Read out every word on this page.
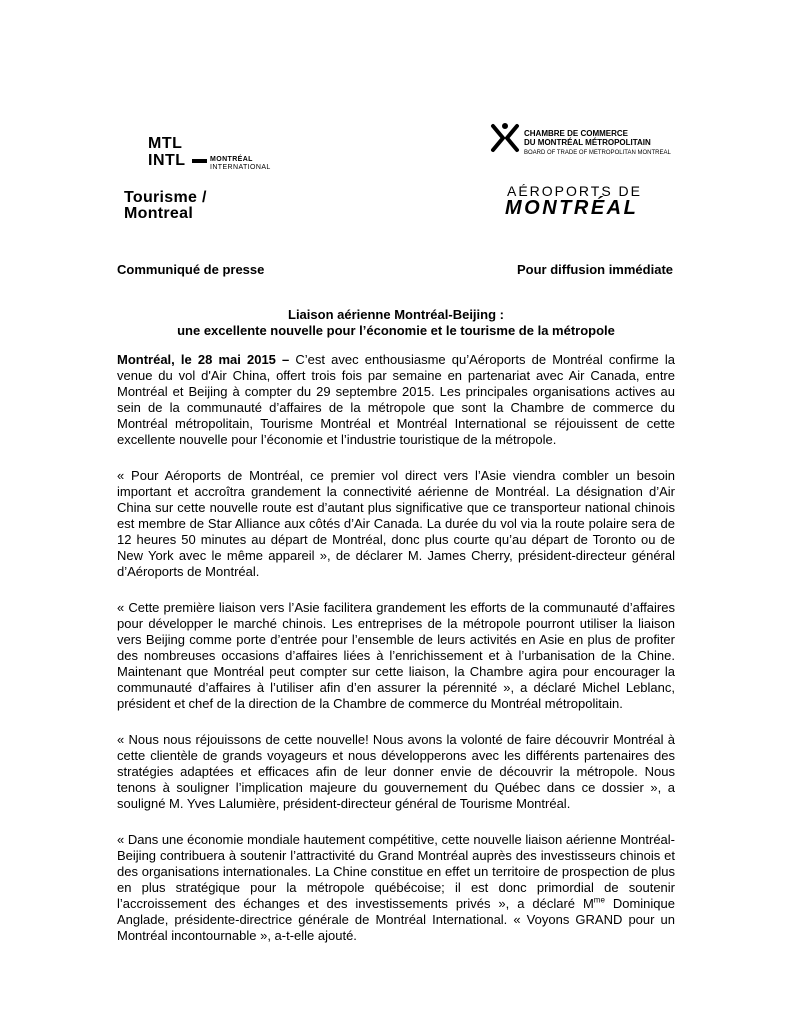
MTL
INTL	MONTRÉAL
INTERNATIONAL
Tourisme /
Montreal
CHAMBRE DE COMMERCE
DU MONTRÉAL MÉTROPOLITAIN
BOARD OF TRADE OF METROPOLITAN MONTREAL
AÉROPORTS DE
MONTRÉAL
Communiqué de presse	Pour diffusion immédiate
Liaison aérienne Montréal-Beijing :
une excellente nouvelle pour l’économie et le tourisme de la métropole

Montréal, le 28 mai 2015 – C’est avec enthousiasme qu’Aéroports de Montréal confirme la venue du vol d'Air China, offert trois fois par semaine en partenariat avec Air Canada, entre Montréal et Beijing à compter du 29 septembre 2015. Les principales organisations actives au sein de la communauté d’affaires de la métropole que sont la Chambre de commerce du Montréal métropolitain, Tourisme Montréal et Montréal International se réjouissent de cette excellente nouvelle pour l’économie et l’industrie touristique de la métropole.

« Pour Aéroports de Montréal, ce premier vol direct vers l’Asie viendra combler un besoin important et accroîtra grandement la connectivité aérienne de Montréal. La désignation d’Air China sur cette nouvelle route est d’autant plus significative que ce transporteur national chinois est membre de Star Alliance aux côtés d’Air Canada. La durée du vol via la route polaire sera de 12 heures 50 minutes au départ de Montréal, donc plus courte qu’au départ de Toronto ou de New York avec le même appareil », de déclarer M. James Cherry, président-directeur général d’Aéroports de Montréal.

« Cette première liaison vers l’Asie facilitera grandement les efforts de la communauté d’affaires pour développer le marché chinois. Les entreprises de la métropole pourront utiliser la liaison vers Beijing comme porte d’entrée pour l’ensemble de leurs activités en Asie en plus de profiter des nombreuses occasions d’affaires liées à l’enrichissement et à l’urbanisation de la Chine. Maintenant que Montréal peut compter sur cette liaison, la Chambre agira pour encourager la communauté d’affaires à l’utiliser afin d’en assurer la pérennité », a déclaré Michel Leblanc, président et chef de la direction de la Chambre de commerce du Montréal métropolitain.

« Nous nous réjouissons de cette nouvelle! Nous avons la volonté de faire découvrir Montréal à cette clientèle de grands voyageurs et nous développerons avec les différents partenaires des stratégies adaptées et efficaces afin de leur donner envie de découvrir la métropole. Nous tenons à souligner l’implication majeure du gouvernement du Québec dans ce dossier », a souligné M. Yves Lalumière, président-directeur général de Tourisme Montréal.

« Dans une économie mondiale hautement compétitive, cette nouvelle liaison aérienne Montréal-Beijing contribuera à soutenir l’attractivité du Grand Montréal auprès des investisseurs chinois et des organisations internationales. La Chine constitue en effet un territoire de prospection de plus en plus stratégique pour la métropole québécoise; il est donc primordial de soutenir l’accroissement des échanges et des investissements privés », a déclaré $M^{me}$ Dominique Anglade, présidente-directrice générale de Montréal International. « Voyons GRAND pour un Montréal incontournable », a-t-elle ajouté.
